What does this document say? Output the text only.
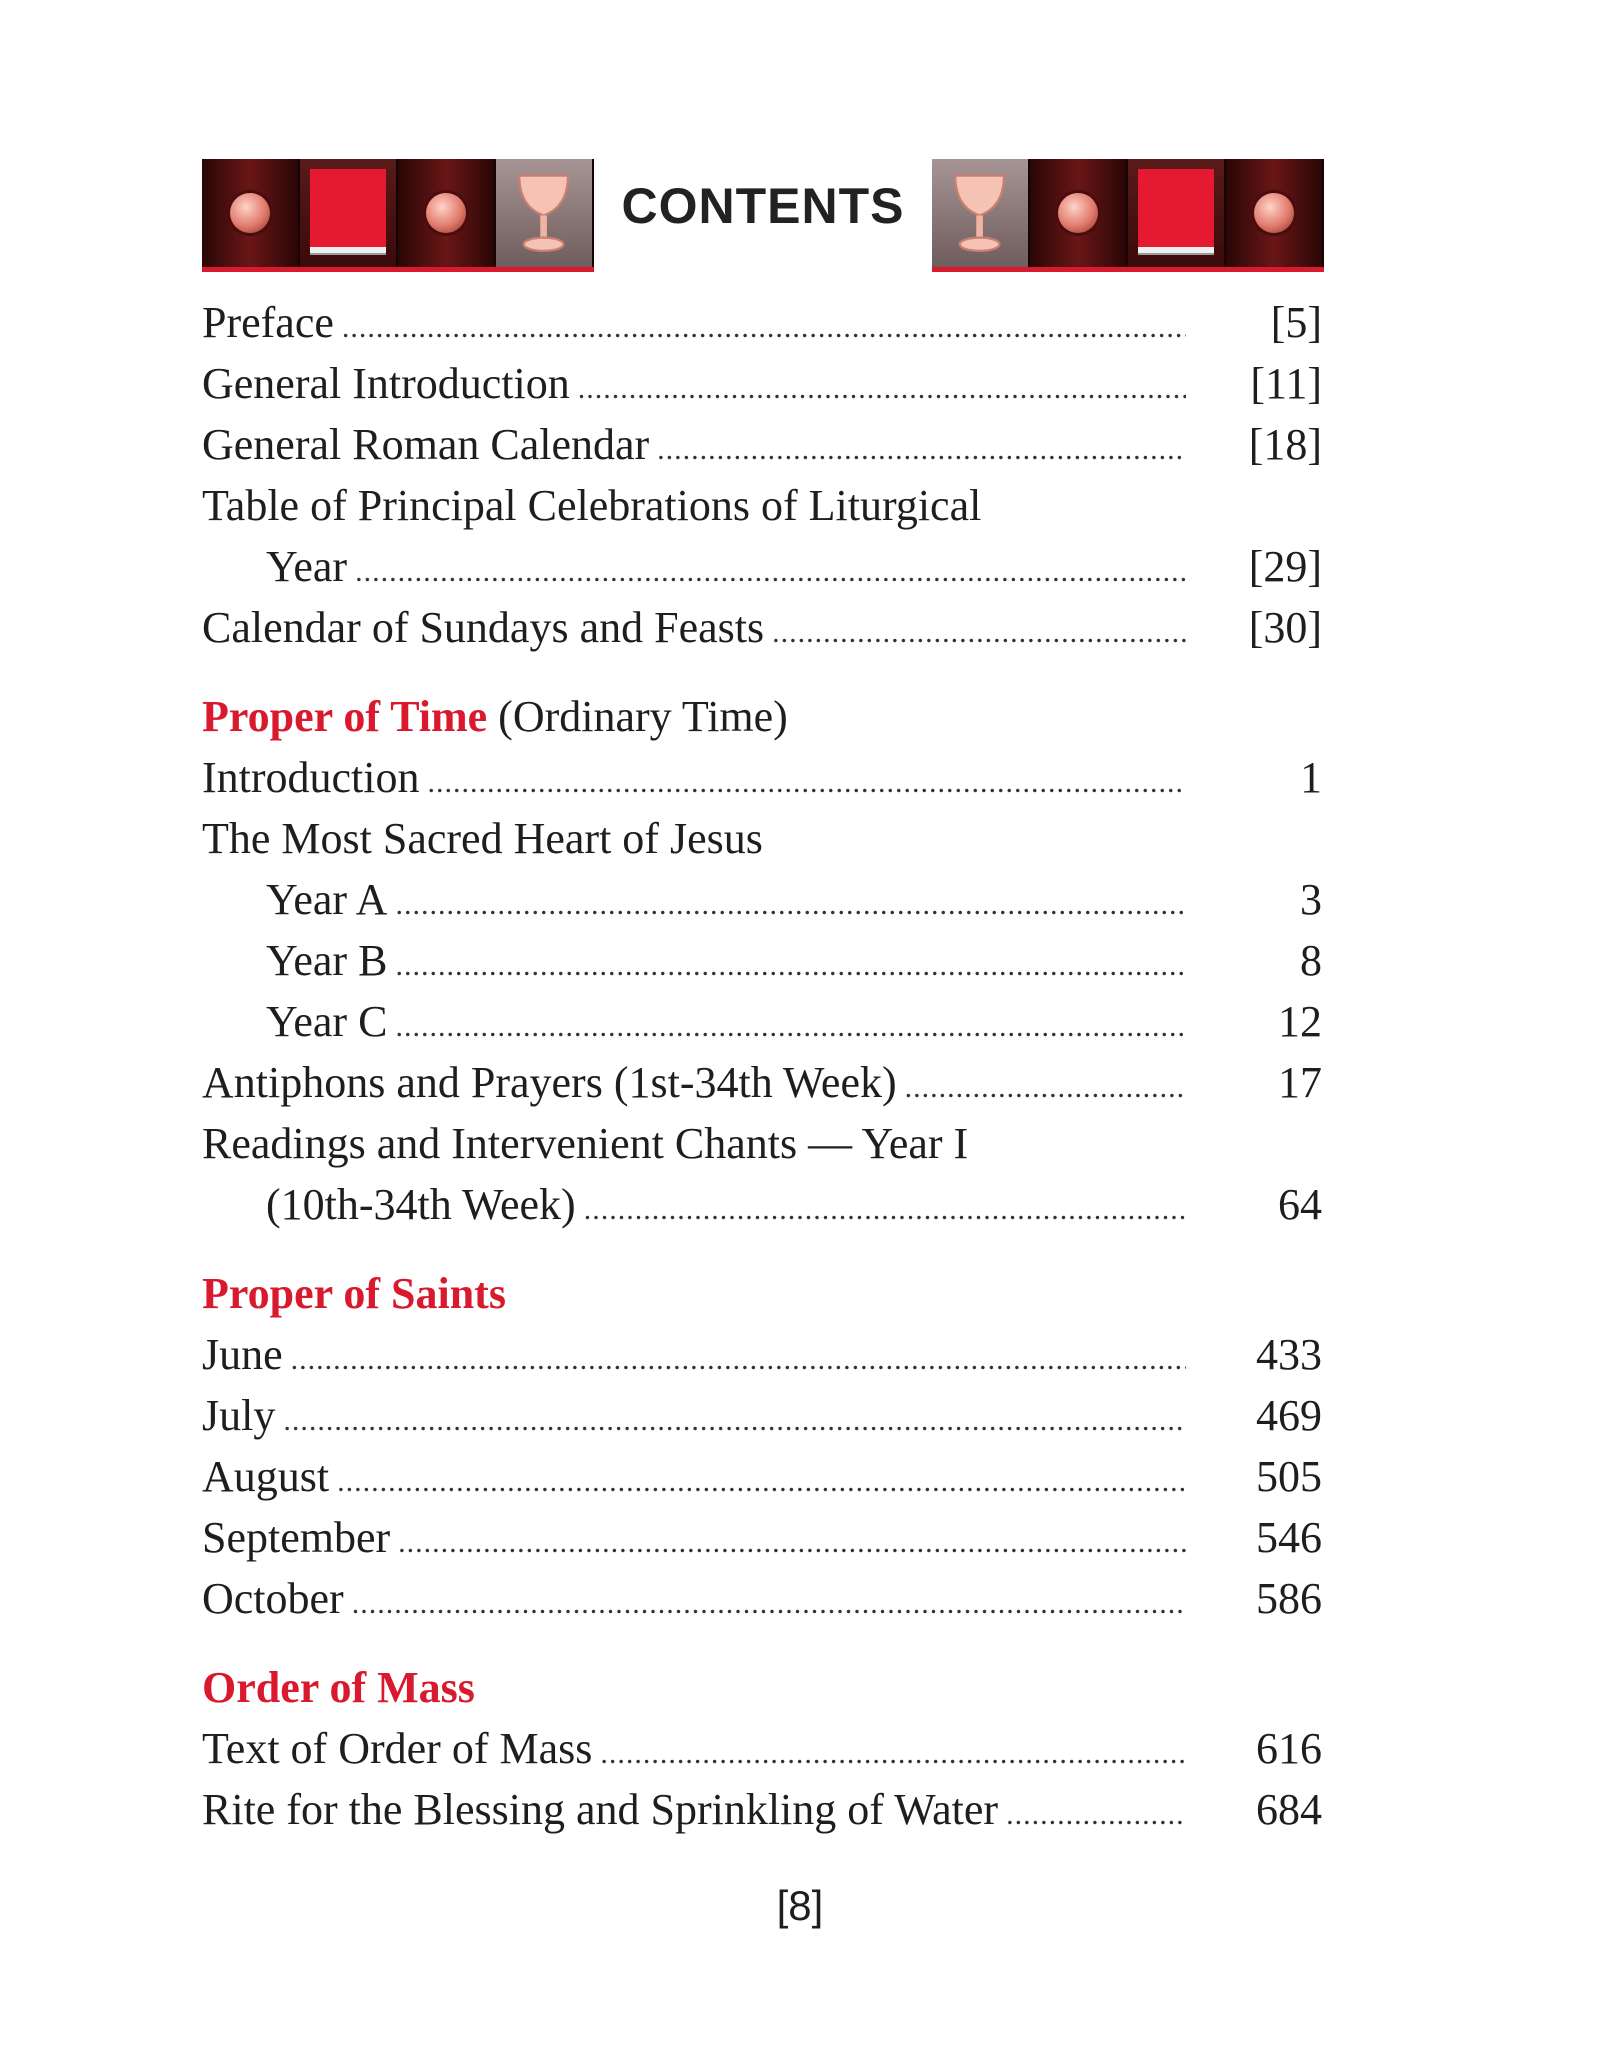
CONTENTS
Preface .....	[5]
General Introduction .....	[11]
General Roman Calendar .....	[18]
Table of Principal Celebrations of Liturgical
Year .....	[29]
Calendar of Sundays and Feasts .....	[30]
Proper of Time (Ordinary Time)
Introduction .....	1
The Most Sacred Heart of Jesus
Year A .....	3
Year B .....	8
Year C .....	12
Antiphons and Prayers (1st-34th Week) .....	17
Readings and Intervenient Chants — Year I
(10th-34th Week) .....	64
Proper of Saints
June .....	433
July .....	469
August .....	505
September .....	546
October .....	586
Order of Mass
Text of Order of Mass .....	616
Rite for the Blessing and Sprinkling of Water .....	684
[8]
